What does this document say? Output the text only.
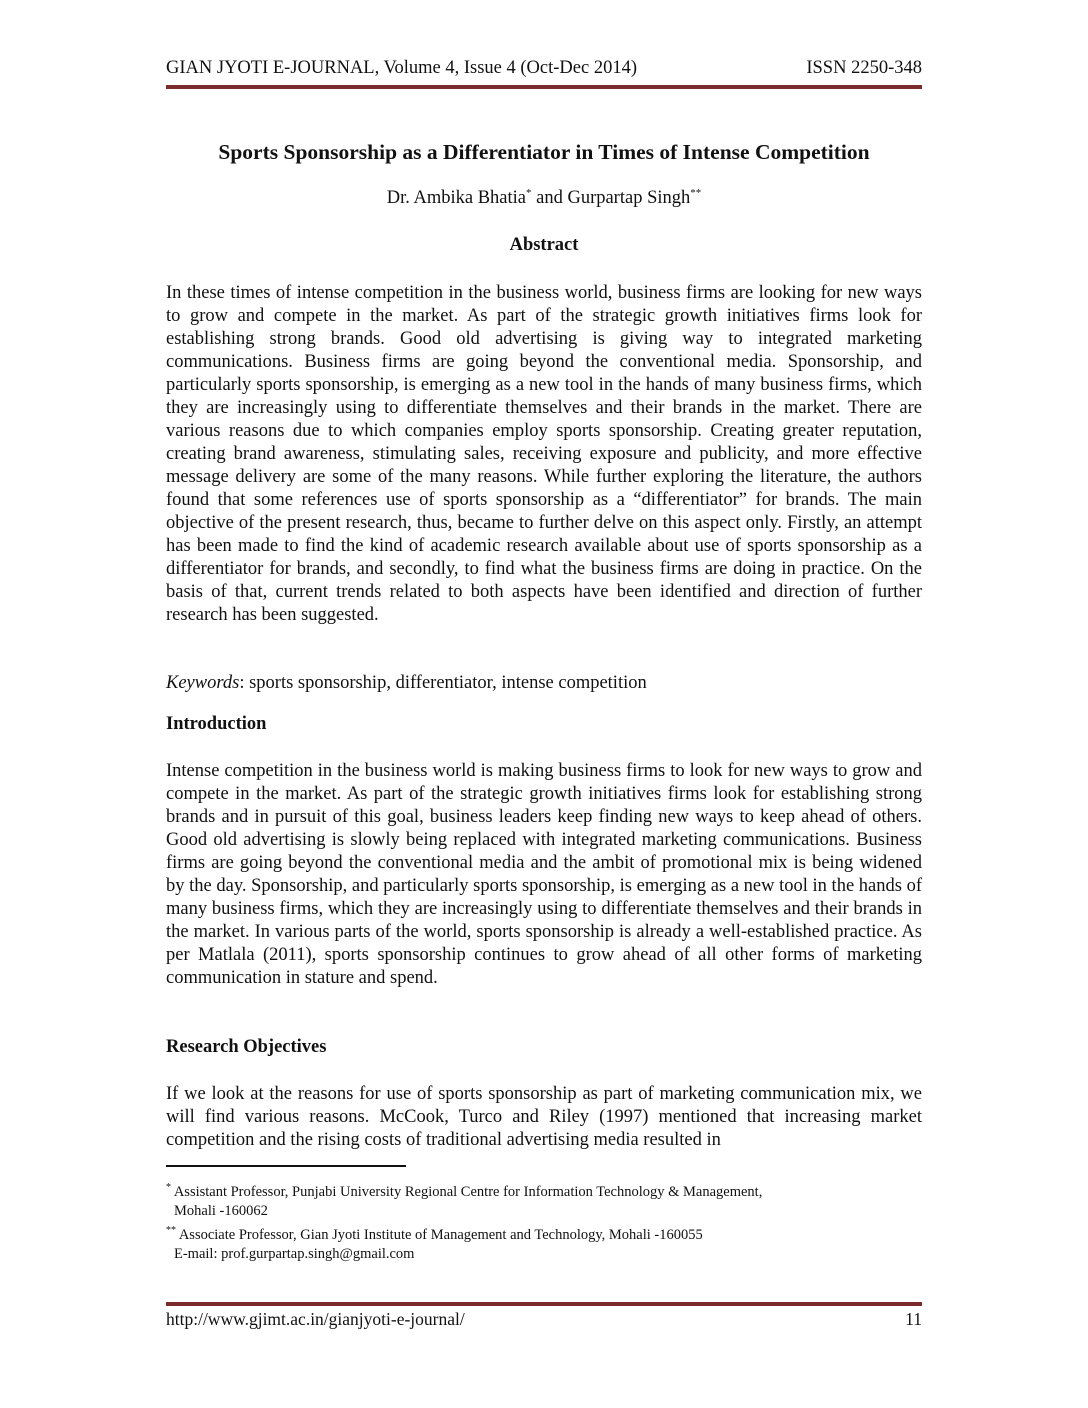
GIAN JYOTI E-JOURNAL, Volume 4, Issue 4 (Oct-Dec 2014)	ISSN 2250-348
Sports Sponsorship as a Differentiator in Times of Intense Competition
Dr. Ambika Bhatia* and Gurpartap Singh**
Abstract

In these times of intense competition in the business world, business firms are looking for new ways to grow and compete in the market. As part of the strategic growth initiatives firms look for establishing strong brands. Good old advertising is giving way to integrated marketing communications. Business firms are going beyond the conventional media. Sponsorship, and particularly sports sponsorship, is emerging as a new tool in the hands of many business firms, which they are increasingly using to differentiate themselves and their brands in the market. There are various reasons due to which companies employ sports sponsorship. Creating greater reputation, creating brand awareness, stimulating sales, receiving exposure and publicity, and more effective message delivery are some of the many reasons. While further exploring the literature, the authors found that some references use of sports sponsorship as a “differentiator” for brands. The main objective of the present research, thus, became to further delve on this aspect only. Firstly, an attempt has been made to find the kind of academic research available about use of sports sponsorship as a differentiator for brands, and secondly, to find what the business firms are doing in practice. On the basis of that, current trends related to both aspects have been identified and direction of further research has been suggested.

Keywords: sports sponsorship, differentiator, intense competition

Introduction

Intense competition in the business world is making business firms to look for new ways to grow and compete in the market. As part of the strategic growth initiatives firms look for establishing strong brands and in pursuit of this goal, business leaders keep finding new ways to keep ahead of others. Good old advertising is slowly being replaced with integrated marketing communications. Business firms are going beyond the conventional media and the ambit of promotional mix is being widened by the day. Sponsorship, and particularly sports sponsorship, is emerging as a new tool in the hands of many business firms, which they are increasingly using to differentiate themselves and their brands in the market. In various parts of the world, sports sponsorship is already a well-established practice. As per Matlala (2011), sports sponsorship continues to grow ahead of all other forms of marketing communication in stature and spend.

Research Objectives

If we look at the reasons for use of sports sponsorship as part of marketing communication mix, we will find various reasons. McCook, Turco and Riley (1997) mentioned that increasing market competition and the rising costs of traditional advertising media resulted in

* Assistant Professor, Punjabi University Regional Centre for Information Technology & Management,
Mohali -160062
** Associate Professor, Gian Jyoti Institute of Management and Technology, Mohali -160055
E-mail: prof.gurpartap.singh@gmail.com
http://www.gjimt.ac.in/gianjyoti-e-journal/	11
